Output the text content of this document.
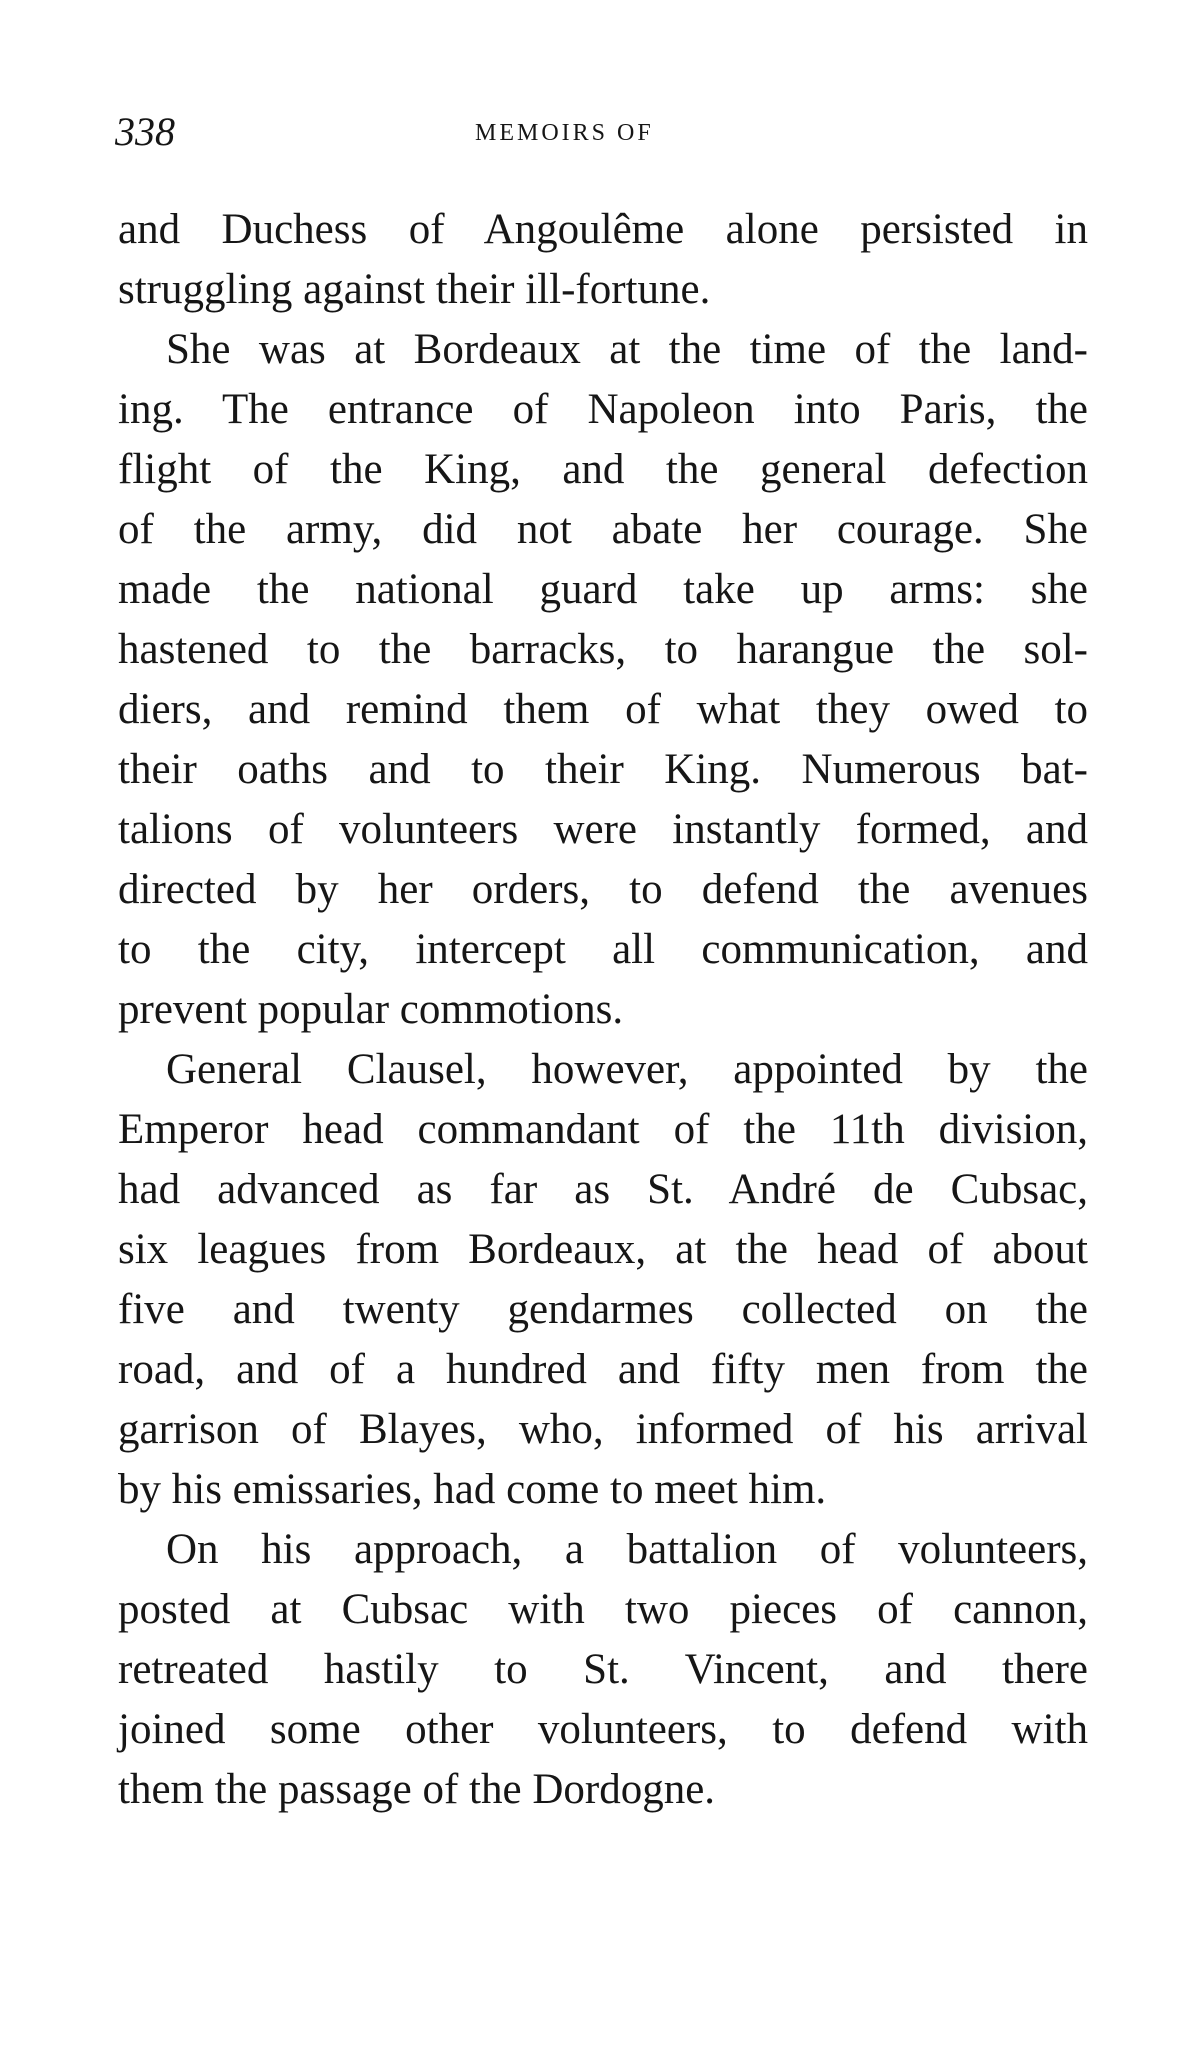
338	MEMOIRS OF
and Duchess of Angoulême alone persisted in
struggling against their ill-fortune.
She was at Bordeaux at the time of the land-
ing. The entrance of Napoleon into Paris, the
flight of the King, and the general defection
of the army, did not abate her courage. She
made the national guard take up arms: she
hastened to the barracks, to harangue the sol-
diers, and remind them of what they owed to
their oaths and to their King. Numerous bat-
talions of volunteers were instantly formed, and
directed by her orders, to defend the avenues
to the city, intercept all communication, and
prevent popular commotions.
General Clausel, however, appointed by the
Emperor head commandant of the 11th division,
had advanced as far as St. André de Cubsac,
six leagues from Bordeaux, at the head of about
five and twenty gendarmes collected on the
road, and of a hundred and fifty men from the
garrison of Blayes, who, informed of his arrival
by his emissaries, had come to meet him.
On his approach, a battalion of volunteers,
posted at Cubsac with two pieces of cannon,
retreated hastily to St. Vincent, and there
joined some other volunteers, to defend with
them the passage of the Dordogne.
